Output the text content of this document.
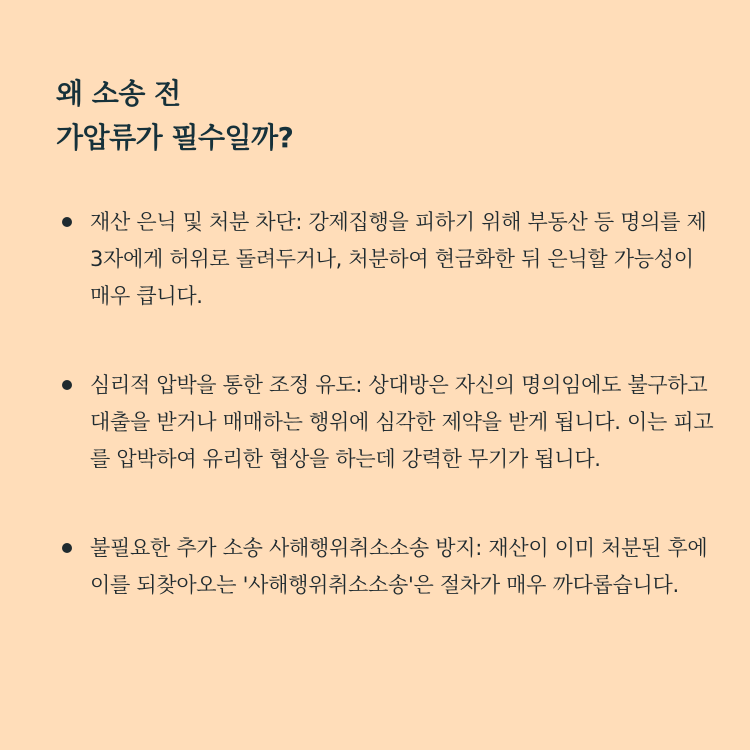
왜 소송 전
가압류가 필수일까?
재산 은닉 및 처분 차단: 강제집행을 피하기 위해 부동산 등 명의를 제3자에게 허위로 돌려두거나, 처분하여 현금화한 뒤 은닉할 가능성이 매우 큽니다.
심리적 압박을 통한 조정 유도: 상대방은 자신의 명의임에도 불구하고 대출을 받거나 매매하는 행위에 심각한 제약을 받게 됩니다. 이는 피고를 압박하여 유리한 협상을 하는데 강력한 무기가 됩니다.
불필요한 추가 소송 사해행위취소소송 방지: 재산이 이미 처분된 후에 이를 되찾아오는 '사해행위취소소송'은 절차가 매우 까다롭습니다.
